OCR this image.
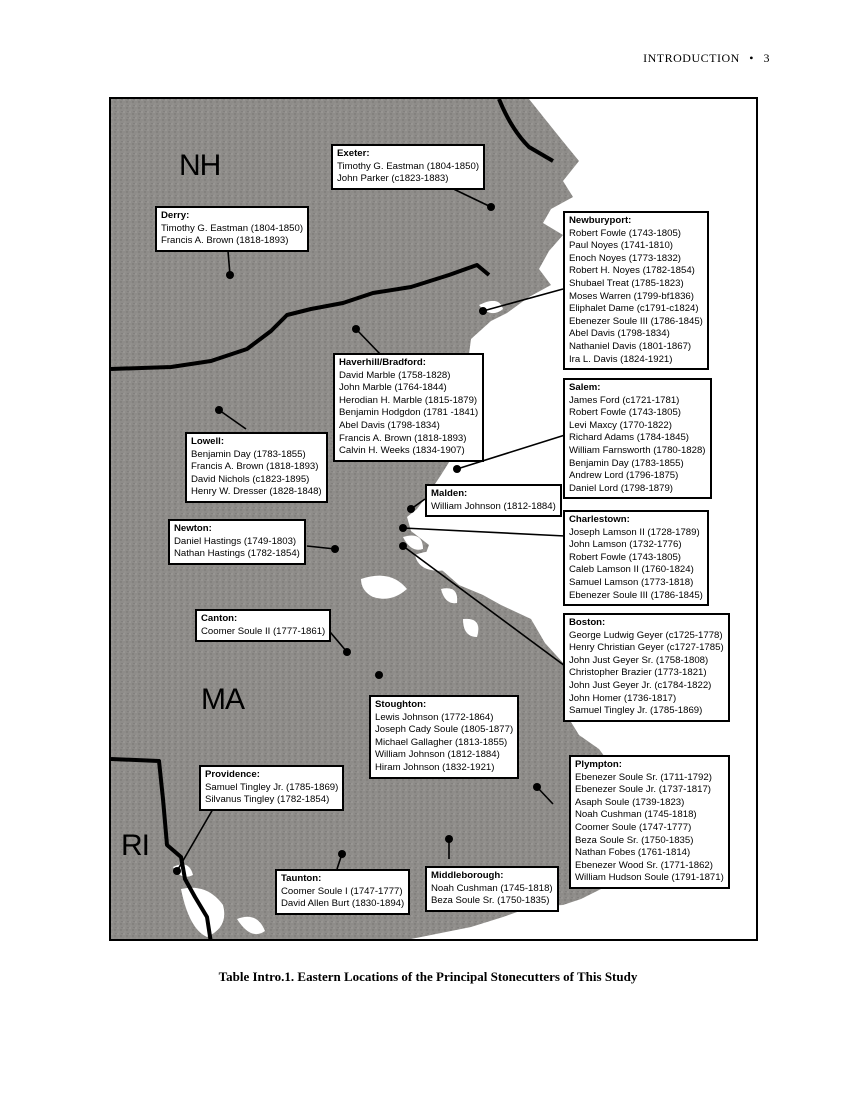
INTRODUCTION • 3
NH
MA
RI
Exeter:
Timothy G. Eastman (1804-1850)
John Parker (c1823-1883)
Derry:
Timothy G. Eastman (1804-1850)
Francis A. Brown (1818-1893)
Newburyport:
Robert Fowle (1743-1805)
Paul Noyes (1741-1810)
Enoch Noyes (1773-1832)
Robert H. Noyes (1782-1854)
Shubael Treat (1785-1823)
Moses Warren (1799-bf1836)
Eliphalet Dame (c1791-c1824)
Ebenezer Soule III (1786-1845)
Abel Davis (1798-1834)
Nathaniel Davis (1801-1867)
Ira L. Davis (1824-1921)
Haverhill/Bradford:
David Marble (1758-1828)
John Marble (1764-1844)
Herodian H. Marble (1815-1879)
Benjamin Hodgdon (1781 -1841)
Abel Davis (1798-1834)
Francis A. Brown (1818-1893)
Calvin H. Weeks (1834-1907)
Salem:
James Ford (c1721-1781)
Robert Fowle (1743-1805)
Levi Maxcy (1770-1822)
Richard Adams (1784-1845)
William Farnsworth (1780-1828)
Benjamin Day (1783-1855)
Andrew Lord (1796-1875)
Daniel Lord (1798-1879)
Lowell:
Benjamin Day (1783-1855)
Francis A. Brown (1818-1893)
David Nichols (c1823-1895)
Henry W. Dresser (1828-1848)	Malden:
William Johnson (1812-1884)
Charlestown:
Joseph Lamson II (1728-1789)
John Lamson (1732-1776)
Robert Fowle (1743-1805)
Caleb Lamson II (1760-1824)
Samuel Lamson (1773-1818)
Ebenezer Soule III (1786-1845)
Newton:
Daniel Hastings (1749-1803)
Nathan Hastings (1782-1854)
Canton:
Coomer Soule II (1777-1861)
Boston:
George Ludwig Geyer (c1725-1778)
Henry Christian Geyer (c1727-1785)
John Just Geyer Sr. (1758-1808)
Christopher Brazier (1773-1821)
John Just Geyer Jr. (c1784-1822)
John Homer (1736-1817)
Samuel Tingley Jr. (1785-1869)
Stoughton:
Lewis Johnson (1772-1864)
Joseph Cady Soule (1805-1877)
Michael Gallagher (1813-1855)
William Johnson (1812-1884)
Hiram Johnson (1832-1921)
Providence:
Samuel Tingley Jr. (1785-1869)
Silvanus Tingley (1782-1854)
Plympton:
Ebenezer Soule Sr. (1711-1792)
Ebenezer Soule Jr. (1737-1817)
Asaph Soule (1739-1823)
Noah Cushman (1745-1818)
Coomer Soule (1747-1777)
Beza Soule Sr. (1750-1835)
Nathan Fobes (1761-1814)
Ebenezer Wood Sr. (1771-1862)
William Hudson Soule (1791-1871)
Middleborough:
Noah Cushman (1745-1818)
Beza Soule Sr. (1750-1835)
Taunton:
Coomer Soule I (1747-1777)
David Allen Burt (1830-1894)
Table Intro.1. Eastern Locations of the Principal Stonecutters of This Study
